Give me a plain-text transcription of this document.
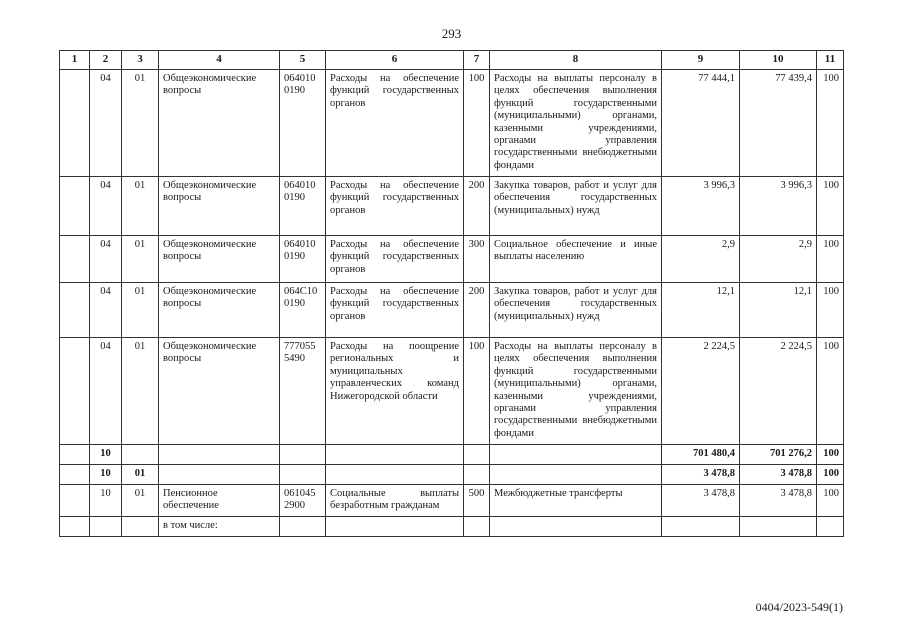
293
1	2	3	4	5	6	7	8	9	10	11
	04	01	Общеэкономические вопросы	064010 0190	Расходы на обеспечение функций государственных органов	100	Расходы на выплаты персоналу в целях обеспечения выполнения функций государственными (муниципальными) органами, казенными учреждениями, органами управления государственными внебюджетными фондами	77 444,1	77 439,4	100
	04	01	Общеэкономические вопросы	064010 0190	Расходы на обеспечение функций государственных органов	200	Закупка товаров, работ и услуг для обеспечения государственных (муниципальных) нужд	3 996,3	3 996,3	100
	04	01	Общеэкономические вопросы	064010 0190	Расходы на обеспечение функций государственных органов	300	Социальное обеспечение и иные выплаты населению	2,9	2,9	100
	04	01	Общеэкономические вопросы	064С10 0190	Расходы на обеспечение функций государственных органов	200	Закупка товаров, работ и услуг для обеспечения государственных (муниципальных) нужд	12,1	12,1	100
	04	01	Общеэкономические вопросы	777055 5490	Расходы на поощрение региональных и муниципальных управленческих команд Нижегородской области	100	Расходы на выплаты персоналу в целях обеспечения выполнения функций государственными (муниципальными) органами, казенными учреждениями, органами управления государственными внебюджетными фондами	2 224,5	2 224,5	100
	10							701 480,4	701 276,2	100
	10	01						3 478,8	3 478,8	100
	10	01	Пенсионное обеспечение	061045 2900	Социальные выплаты безработным гражданам	500	Межбюджетные трансферты	3 478,8	3 478,8	100
			в том числе:							
0404/2023-549(1)
